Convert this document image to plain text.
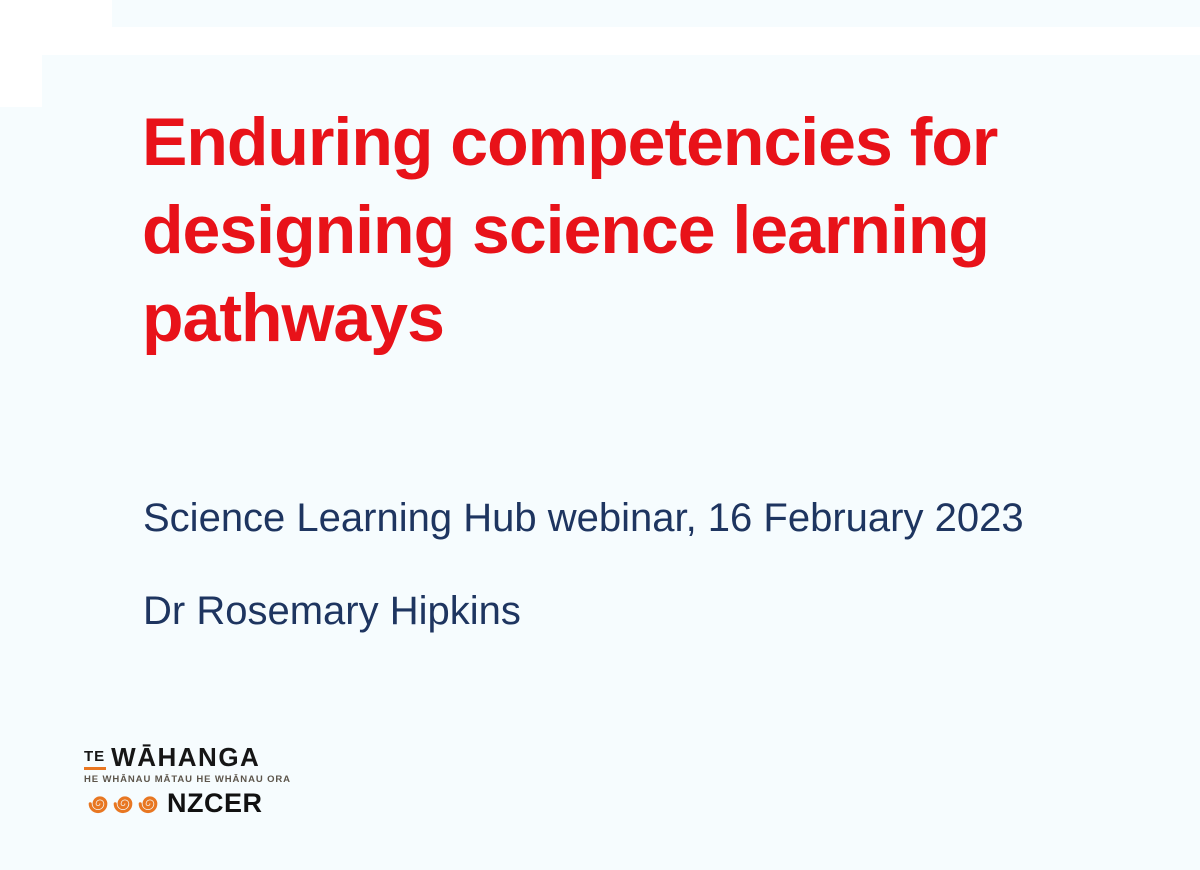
Enduring competencies for
designing science learning
pathways

Science Learning Hub webinar, 16 February 2023

Dr Rosemary Hipkins

TE WĀHANGA
HE WHĀNAU MĀTAU HE WHĀNAU ORA
NZCER
